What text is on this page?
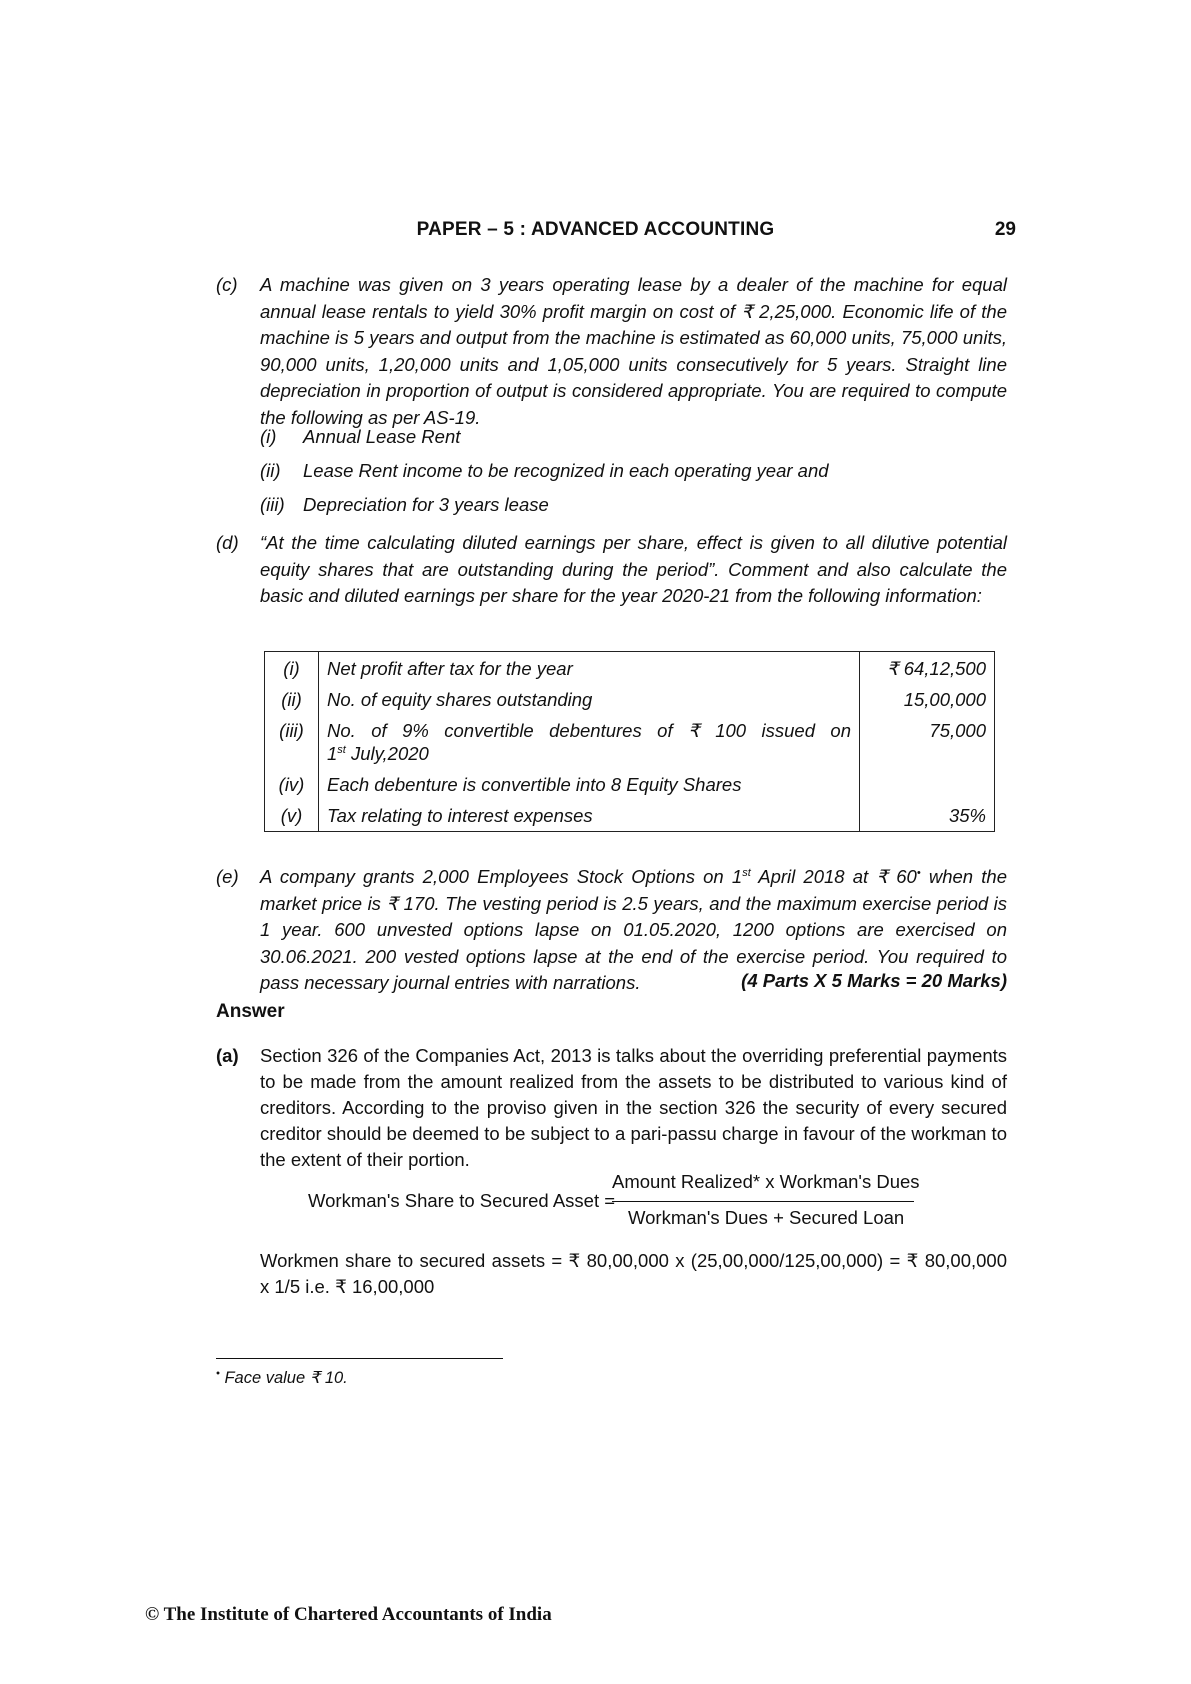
PAPER – 5 : ADVANCED ACCOUNTING	29
(c) A machine was given on 3 years operating lease by a dealer of the machine for equal annual lease rentals to yield 30% profit margin on cost of ₹ 2,25,000. Economic life of the machine is 5 years and output from the machine is estimated as 60,000 units, 75,000 units, 90,000 units, 1,20,000 units and 1,05,000 units consecutively for 5 years. Straight line depreciation in proportion of output is considered appropriate. You are required to compute the following as per AS-19.
(i) Annual Lease Rent
(ii) Lease Rent income to be recognized in each operating year and
(iii) Depreciation for 3 years lease
(d) “At the time calculating diluted earnings per share, effect is given to all dilutive potential equity shares that are outstanding during the period”. Comment and also calculate the basic and diluted earnings per share for the year 2020-21 from the following information:
(i)	Net profit after tax for the year	₹ 64,12,500
(ii)	No. of equity shares outstanding	15,00,000
(iii)	No. of 9% convertible debentures of ₹ 100 issued on
1st July,2020	75,000
(iv)	Each debenture is convertible into 8 Equity Shares	
(v)	Tax relating to interest expenses	35%
(e) A company grants 2,000 Employees Stock Options on 1st April 2018 at ₹ 60• when the market price is ₹ 170. The vesting period is 2.5 years, and the maximum exercise period is 1 year. 600 unvested options lapse on 01.05.2020, 1200 options are exercised on 30.06.2021. 200 vested options lapse at the end of the exercise period. You required to pass necessary journal entries with narrations.	(4 Parts X 5 Marks = 20 Marks)
Answer
(a) Section 326 of the Companies Act, 2013 is talks about the overriding preferential payments to be made from the amount realized from the assets to be distributed to various kind of creditors. According to the proviso given in the section 326 the security of every secured creditor should be deemed to be subject to a pari-passu charge in favour of the workman to the extent of their portion.
Workman's Share to Secured Asset =
Amount Realized* x Workman's Dues
Workman's Dues + Secured Loan
Workmen share to secured assets = ₹ 80,00,000 x (25,00,000/125,00,000) = ₹ 80,00,000 x 1/5 i.e. ₹ 16,00,000
• Face value ₹ 10.
© The Institute of Chartered Accountants of India
